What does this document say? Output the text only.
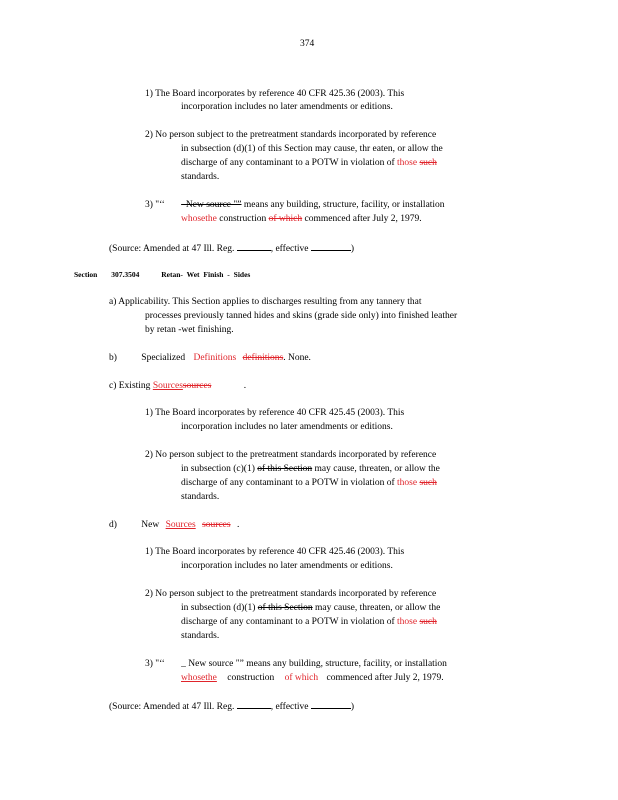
374
1) The Board incorporates by reference 40 CFR 425.36 (2003). This
incorporation includes no later amendments or editions.
2) No person subject to the pretreatment standards incorporated by reference
in subsection (d)(1) of this Section may cause, thr eaten, or allow the
discharge of any contaminant to a POTW in violation of those such
standards.
3) "‘‘ –New source "” means any building, structure, facility, or installation
whosethe construction of which commenced after July 2, 1979.
(Source: Amended at 47 Ill. Reg.	, effective	)
Section 307.3504	Retan- Wet Finish - Sides
a) Applicability. This Section applies to discharges resulting from any tannery that
processes previously tanned hides and skins (grade side only) into finished leather
by retan -wet finishing.
b)	Specialized Definitions definitions. None.
c) Existing Sourcessources	.
1) The Board incorporates by reference 40 CFR 425.45 (2003). This
incorporation includes no later amendments or editions.
2) No person subject to the pretreatment standards incorporated by reference
in subsection (c)(1) of this Section may cause, threaten, or allow the
discharge of any contaminant to a POTW in violation of those such
standards.
d)	New Sources sources .
1) The Board incorporates by reference 40 CFR 425.46 (2003). This
incorporation includes no later amendments or editions.
2) No person subject to the pretreatment standards incorporated by reference
in subsection (d)(1) of this Section may cause, threaten, or allow the
discharge of any contaminant to a POTW in violation of those such
standards.
3) "‘‘ _ New source "” means any building, structure, facility, or installation
whosethe construction of which commenced after July 2, 1979.
(Source: Amended at 47 Ill. Reg.	, effective	)
